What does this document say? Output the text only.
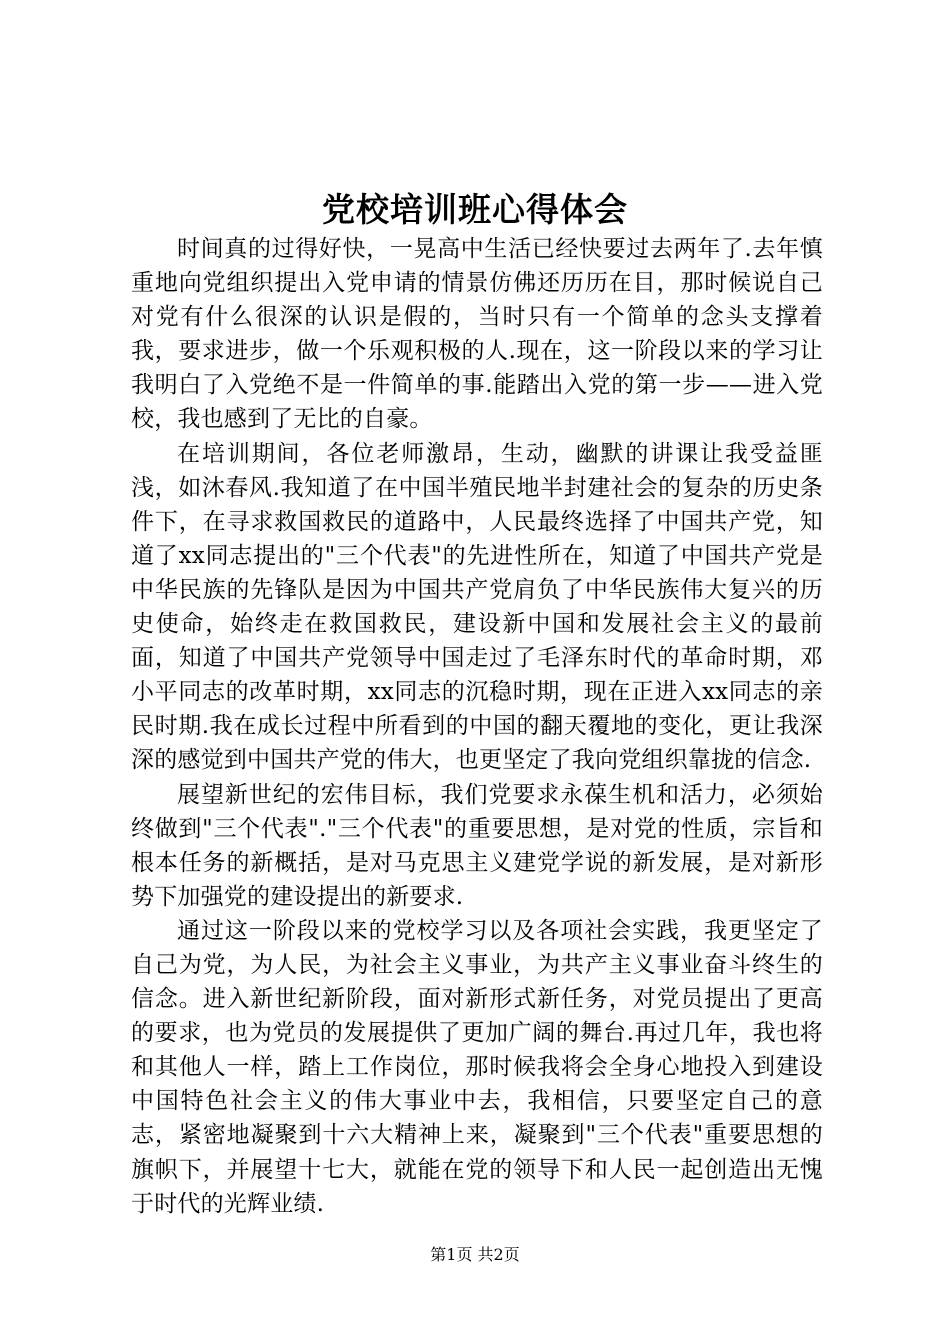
党校培训班心得体会

时间真的过得好快，一晃高中生活已经快要过去两年了.去年慎重地向党组织提出入党申请的情景仿佛还历历在目，那时候说自己对党有什么很深的认识是假的，当时只有一个简单的念头支撑着我，要求进步，做一个乐观积极的人.现在，这一阶段以来的学习让我明白了入党绝不是一件简单的事.能踏出入党的第一步——进入党校，我也感到了无比的自豪。

在培训期间，各位老师激昂，生动，幽默的讲课让我受益匪浅，如沐春风.我知道了在中国半殖民地半封建社会的复杂的历史条件下，在寻求救国救民的道路中，人民最终选择了中国共产党，知道了xx同志提出的"三个代表"的先进性所在，知道了中国共产党是中华民族的先锋队是因为中国共产党肩负了中华民族伟大复兴的历史使命，始终走在救国救民，建设新中国和发展社会主义的最前面，知道了中国共产党领导中国走过了毛泽东时代的革命时期，邓小平同志的改革时期，xx同志的沉稳时期，现在正进入xx同志的亲民时期.我在成长过程中所看到的中国的翻天覆地的变化，更让我深深的感觉到中国共产党的伟大，也更坚定了我向党组织靠拢的信念.

展望新世纪的宏伟目标，我们党要求永葆生机和活力，必须始终做到"三个代表"."三个代表"的重要思想，是对党的性质，宗旨和根本任务的新概括，是对马克思主义建党学说的新发展，是对新形势下加强党的建设提出的新要求.

通过这一阶段以来的党校学习以及各项社会实践，我更坚定了自己为党，为人民，为社会主义事业，为共产主义事业奋斗终生的信念。进入新世纪新阶段，面对新形式新任务，对党员提出了更高的要求，也为党员的发展提供了更加广阔的舞台.再过几年，我也将和其他人一样，踏上工作岗位，那时候我将会全身心地投入到建设中国特色社会主义的伟大事业中去，我相信，只要坚定自己的意志，紧密地凝聚到十六大精神上来，凝聚到"三个代表"重要思想的旗帜下，并展望十七大，就能在党的领导下和人民一起创造出无愧于时代的光辉业绩.

第1页 共2页
